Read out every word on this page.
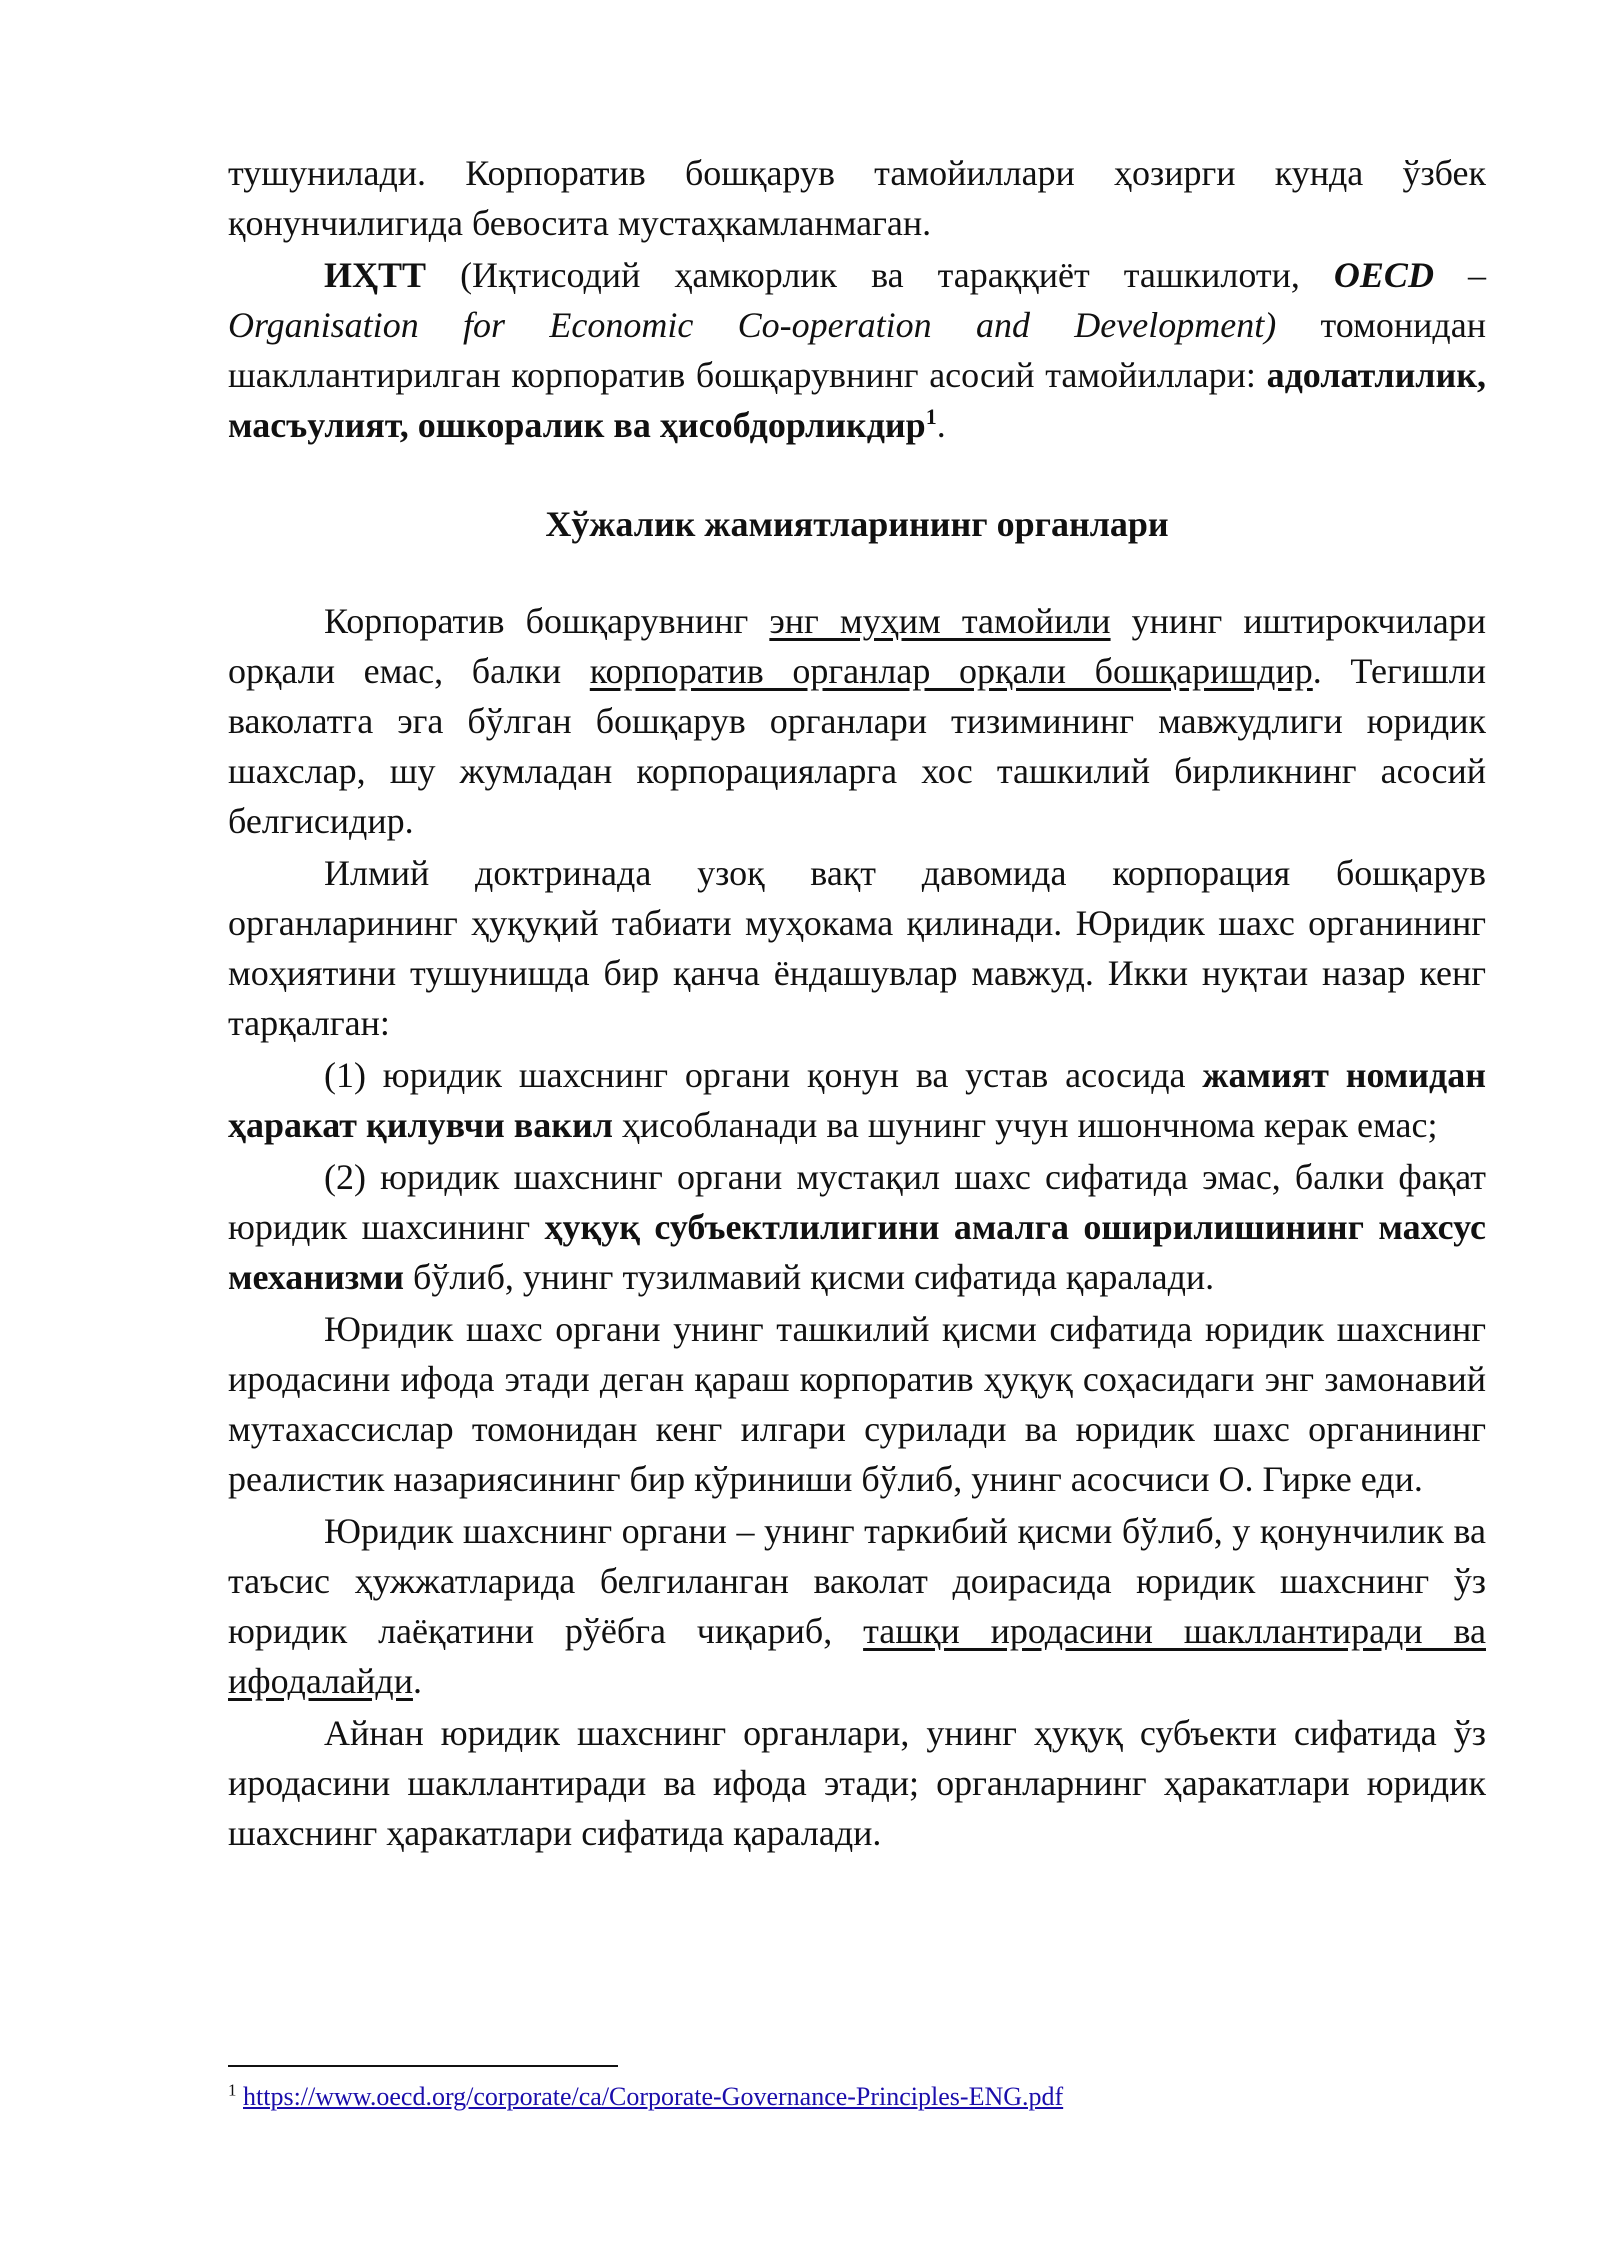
тушунилади. Корпоратив бошқарув тамойиллари ҳозирги кунда ўзбек қонунчилигида бевосита мустаҳкамланмаган.

ИҲТТ (Иқтисодий ҳамкорлик ва тараққиёт ташкилоти, OECD – Organisation for Economic Co-operation and Development) томонидан шакллантирилган корпоратив бошқарувнинг асосий тамойиллари: адолатлилик, масъулият, ошкоралик ва ҳисобдорликдир$^1$.

Хўжалик жамиятларининг органлари

Корпоратив бошқарувнинг энг муҳим тамойили унинг иштирокчилари орқали емас, балки корпоратив органлар орқали бошқаришдир. Тегишли ваколатга эга бўлган бошқарув органлари тизимининг мавжудлиги юридик шахслар, шу жумладан корпорацияларга хос ташкилий бирликнинг асосий белгисидир.

Илмий доктринада узоқ вақт давомида корпорация бошқарув органларининг ҳуқуқий табиати муҳокама қилинади. Юридик шахс органининг моҳиятини тушунишда бир қанча ёндашувлар мавжуд. Икки нуқтаи назар кенг тарқалган:

(1) юридик шахснинг органи қонун ва устав асосида жамият номидан ҳаракат қилувчи вакил ҳисобланади ва шунинг учун ишончнома керак емас;

(2) юридик шахснинг органи мустақил шахс сифатида эмас, балки фақат юридик шахсининг ҳуқуқ субъектлилигини амалга оширилишининг махсус механизми бўлиб, унинг тузилмавий қисми сифатида қаралади.

Юридик шахс органи унинг ташкилий қисми сифатида юридик шахснинг иродасини ифода этади деган қараш корпоратив ҳуқуқ соҳасидаги энг замонавий мутахассислар томонидан кенг илгари сурилади ва юридик шахс органининг реалистик назариясининг бир кўриниши бўлиб, унинг асосчиси О. Гирке еди.

Юридик шахснинг органи – унинг таркибий қисми бўлиб, у қонунчилик ва таъсис ҳужжатларида белгиланган ваколат доирасида юридик шахснинг ўз юридик лаёқатини рўёбга чиқариб, ташқи иродасини шакллантиради ва ифодалайди.

Айнан юридик шахснинг органлари, унинг ҳуқуқ субъекти сифатида ўз иродасини шакллантиради ва ифода этади; органларнинг ҳаракатлари юридик шахснинг ҳаракатлари сифатида қаралади.

$^1$ https://www.oecd.org/corporate/ca/Corporate-Governance-Principles-ENG.pdf
